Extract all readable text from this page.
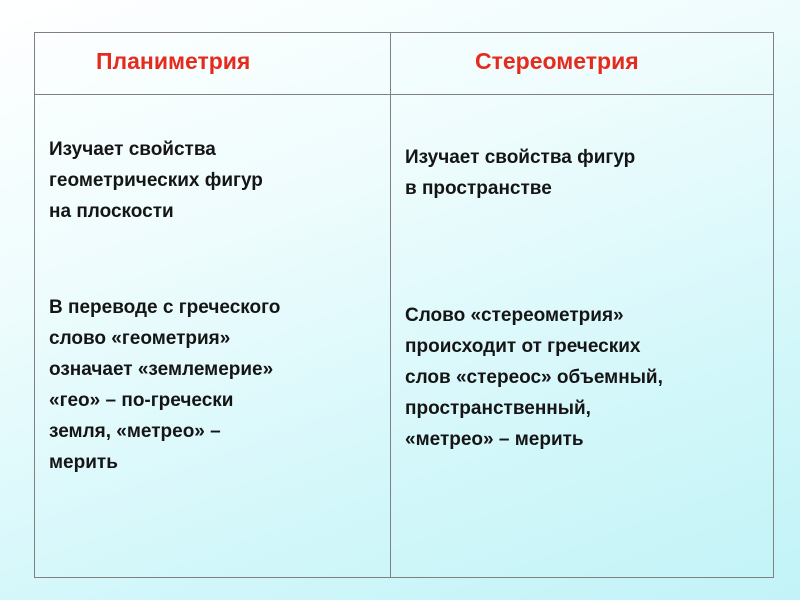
Планиметрия	Стереометрия

Изучает свойства
геометрических фигур
на плоскости

Изучает свойства фигур
в пространстве

В переводе с греческого
слово «геометрия»
означает «землемерие»
«гео» – по-гречески
земля, «метрео» –
мерить

Слово «стереометрия»
происходит от греческих
слов «стереос» объемный,
пространственный,
«метрео» – мерить
